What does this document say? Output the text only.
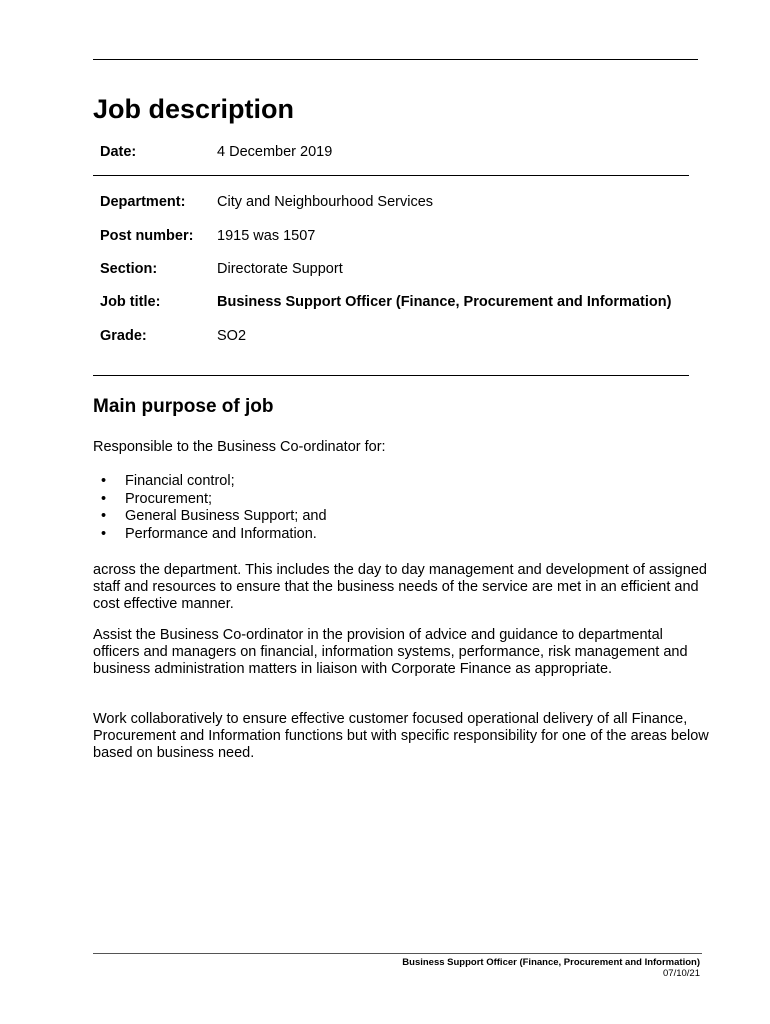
Job description
Date:	4 December 2019
Department: City and Neighbourhood Services
Post number: 1915 was 1507
Section:	Directorate Support
Job title:	Business Support Officer (Finance, Procurement and Information)
Grade:	SO2
Main purpose of job

Responsible to the Business Co-ordinator for:

• Financial control;
• Procurement;
• General Business Support; and
• Performance and Information.

across the department. This includes the day to day management and development of assigned staff and resources to ensure that the business needs of the service are met in an efficient and cost effective manner.

Assist the Business Co-ordinator in the provision of advice and guidance to departmental officers and managers on financial, information systems, performance, risk management and business administration matters in liaison with Corporate Finance as appropriate.

Work collaboratively to ensure effective customer focused operational delivery of all Finance, Procurement and Information functions but with specific responsibility for one of the areas below based on business need.

Business Support Officer (Finance, Procurement and Information)
07/10/21
